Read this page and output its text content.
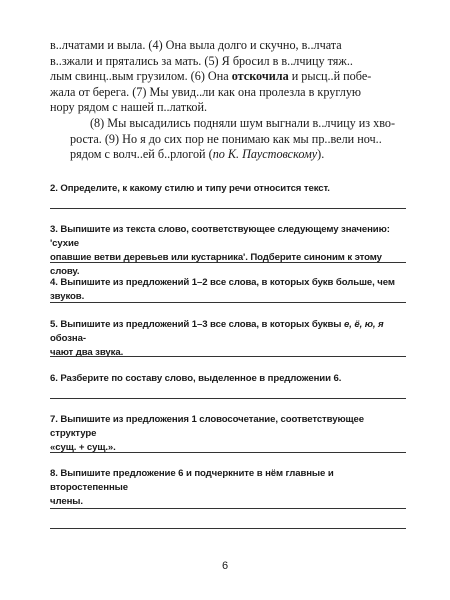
в..лчатами и выла. (4) Она выла долго и скучно, в..лчата
в..зжали и прятались за мать. (5) Я бросил в в..лчицу тяж..
лым свинц..вым грузилом. (6) Она отскочила и рысц..й побе-
жала от берега. (7) Мы увид..ли как она пролезла в круглую
нору рядом с нашей п..латкой.

(8) Мы высадились подняли шум выгнали в..лчицу из хво-
роста. (9) Но я до сих пор не понимаю как мы пр..вели ноч..
рядом с волч..ей б..рлогой (по К. Паустовскому).

2. Определите, к какому стилю и типу речи относится текст.
3. Выпишите из текста слово, соответствующее следующему значению: 'сухие
опавшие ветви деревьев или кустарника'. Подберите синоним к этому слову.
4. Выпишите из предложений 1–2 все слова, в которых букв больше, чем звуков.
5. Выпишите из предложений 1–3 все слова, в которых буквы е, ё, ю, я обозна-
чают два звука.
6. Разберите по составу слово, выделенное в предложении 6.
7. Выпишите из предложения 1 словосочетание, соответствующее структуре
«сущ. + сущ.».
8. Выпишите предложение 6 и подчеркните в нём главные и второстепенные
члены.
6
